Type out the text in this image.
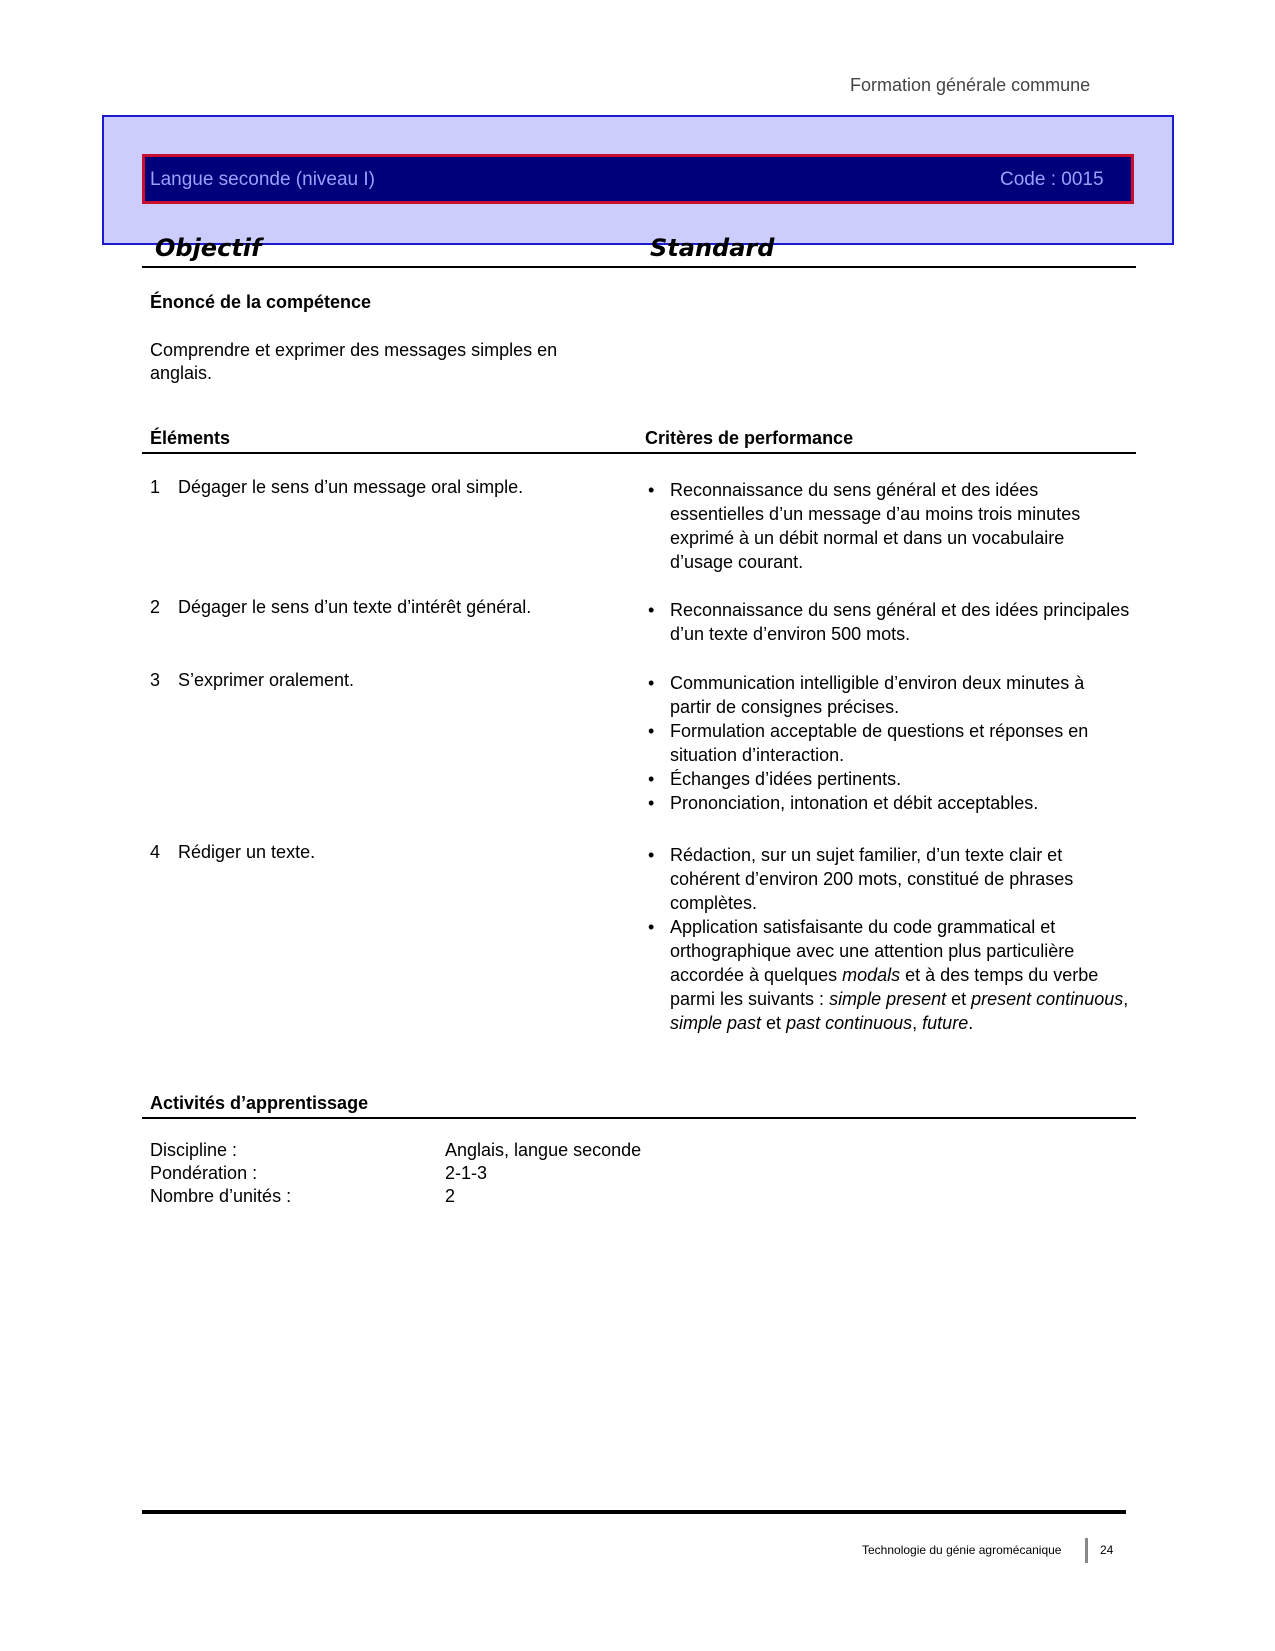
Formation générale commune
Langue seconde (niveau I)	Code : 0015
Objectif	Standard
Énoncé de la compétence
Comprendre et exprimer des messages simples en
anglais.
Éléments	Critères de performance
1 Dégager le sens d’un message oral simple.	• Reconnaissance du sens général et des idées essentielles d’un message d’au moins trois minutes exprimé à un débit normal et dans un vocabulaire d’usage courant.
2 Dégager le sens d’un texte d’intérêt général.	• Reconnaissance du sens général et des idées principales d’un texte d’environ 500 mots.
3 S’exprimer oralement.	• Communication intelligible d’environ deux minutes à partir de consignes précises.
• Formulation acceptable de questions et réponses en situation d’interaction.
• Échanges d’idées pertinents.
• Prononciation, intonation et débit acceptables.
4 Rédiger un texte.	• Rédaction, sur un sujet familier, d’un texte clair et cohérent d’environ 200 mots, constitué de phrases complètes.
• Application satisfaisante du code grammatical et orthographique avec une attention plus particulière accordée à quelques modals et à des temps du verbe parmi les suivants : simple present et present continuous, simple past et past continuous, future.
Activités d’apprentissage
Discipline :	Anglais, langue seconde
Pondération :	2-1-3
Nombre d’unités :	2
Technologie du génie agromécanique	24
